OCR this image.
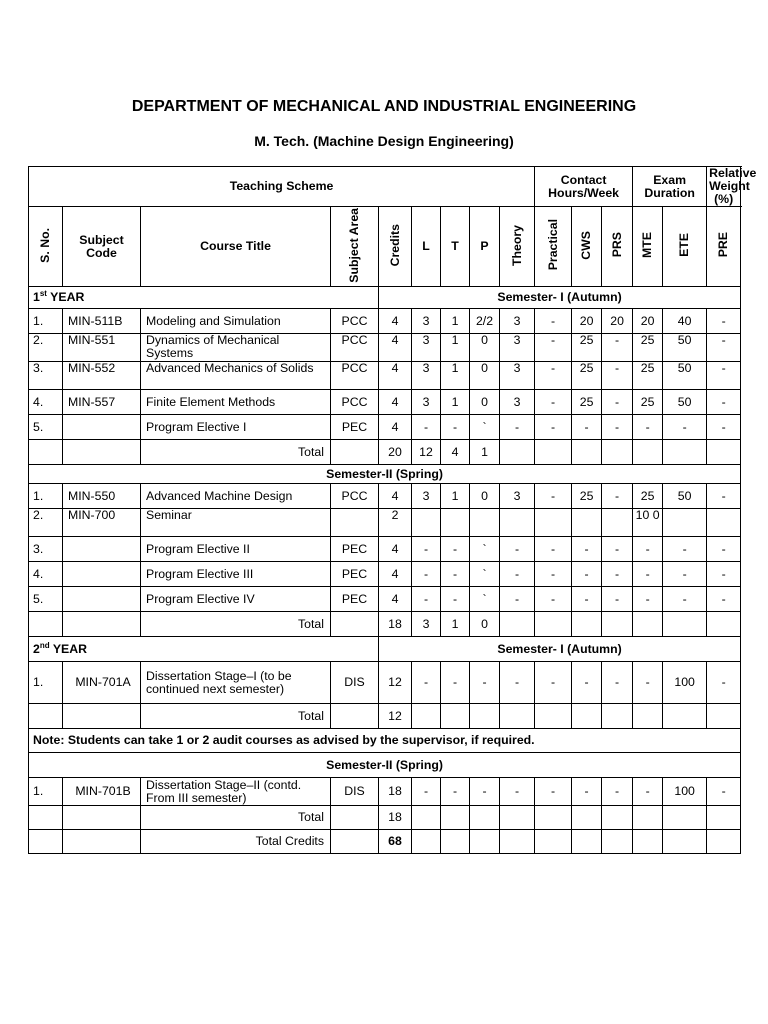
DEPARTMENT OF MECHANICAL AND INDUSTRIAL ENGINEERING
M. Tech. (Machine Design Engineering)
Teaching Scheme									Contact Hours/Week			Exam Duration		Relative Weight (%)
S. No.	Subject Code	Course Title	Subject Area	Credits	L	T	P	Theory	Practical	CWS	PRS	MTE	ETE	PRE
1st YEAR				Semester- I (Autumn)										
1.	MIN-511B	Modeling and Simulation	PCC	4	3	1	2/2	3	-	20	20	20	40	-
2.	MIN-551	Dynamics of Mechanical Systems	PCC	4	3	1	0	3	-	25	-	25	50	-
3.	MIN-552	Advanced Mechanics of Solids	PCC	4	3	1	0	3	-	25	-	25	50	-
4.	MIN-557	Finite Element Methods	PCC	4	3	1	0	3	-	25	-	25	50	-
5.		Program Elective I	PEC	4	-	-	`	-	-	-	-	-	-	-
		Total		20	12	4	1							
Semester-II (Spring)														
1.	MIN-550	Advanced Machine Design	PCC	4	3	1	0	3	-	25	-	25	50	-
2.	MIN-700	Seminar		2								10 0		
3.		Program Elective II	PEC	4	-	-	`	-	-	-	-	-	-	-
4.		Program Elective III	PEC	4	-	-	`	-	-	-	-	-	-	-
5.		Program Elective IV	PEC	4	-	-	`	-	-	-	-	-	-	-
		Total		18	3	1	0							
2nd YEAR				Semester- I (Autumn)										
1.	MIN-701A	Dissertation Stage–I (to be continued next semester)	DIS	12	-	-	-	-	-	-	-	-	100	-
		Total		12										
Note: Students can take 1 or 2 audit courses as advised by the supervisor, if required.														
Semester-II (Spring)														
1.	MIN-701B	Dissertation Stage–II (contd. From III semester)	DIS	18	-	-	-	-	-	-	-	-	100	-
		Total		18										
		Total Credits		68										
